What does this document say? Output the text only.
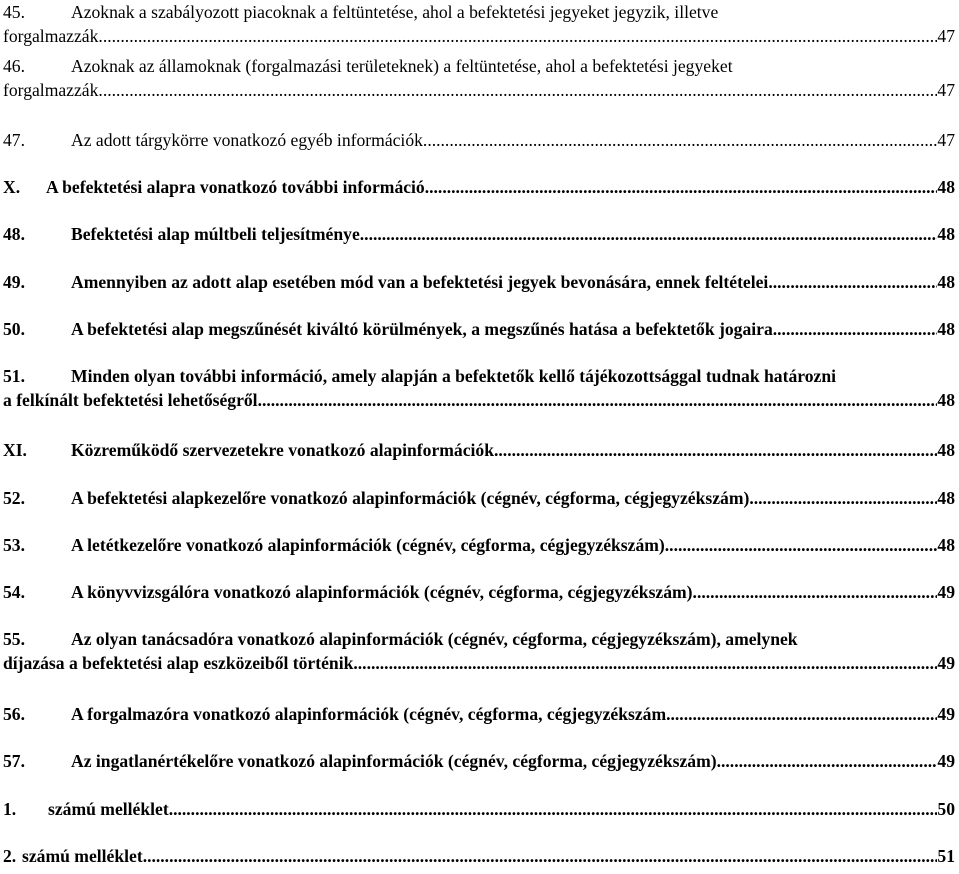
45.	Azoknak a szabályozott piacoknak a feltüntetése, ahol a befektetési jegyeket jegyzik, illetve
forgalmazzák. .....	47
46.	Azoknak az államoknak (forgalmazási területeknek) a feltüntetése, ahol a befektetési jegyeket
forgalmazzák. .....	47
47.	Az adott tárgykörre vonatkozó egyéb információk .....	47
X. A befektetési alapra vonatkozó további információ .....	48
48.	Befektetési alap múltbeli teljesítménye .....	48
49.	Amennyiben az adott alap esetében mód van a befektetési jegyek bevonására, ennek feltételei .....	48
50.	A befektetési alap megszűnését kiváltó körülmények, a megszűnés hatása a befektetők jogaira .....	48
51.	Minden olyan további információ, amely alapján a befektetők kellő tájékozottsággal tudnak határozni
a felkínált befektetési lehetőségről .....	48
XI.	Közreműködő szervezetekre vonatkozó alapinformációk .....	48
52.	A befektetési alapkezelőre vonatkozó alapinformációk (cégnév, cégforma, cégjegyzékszám) .....	48
53.	A letétkezelőre vonatkozó alapinformációk (cégnév, cégforma, cégjegyzékszám) .....	48
54.	A könyvvizsgálóra vonatkozó alapinformációk (cégnév, cégforma, cégjegyzékszám) .....	49
55.	Az olyan tanácsadóra vonatkozó alapinformációk (cégnév, cégforma, cégjegyzékszám), amelynek
díjazása a befektetési alap eszközeiből történik .....	49
56.	A forgalmazóra vonatkozó alapinformációk (cégnév, cégforma, cégjegyzékszám .....	49
57.	Az ingatlanértékelőre vonatkozó alapinformációk (cégnév, cégforma, cégjegyzékszám) .....	49
1. számú melléklet .....	50
2. számú melléklet .....	51
